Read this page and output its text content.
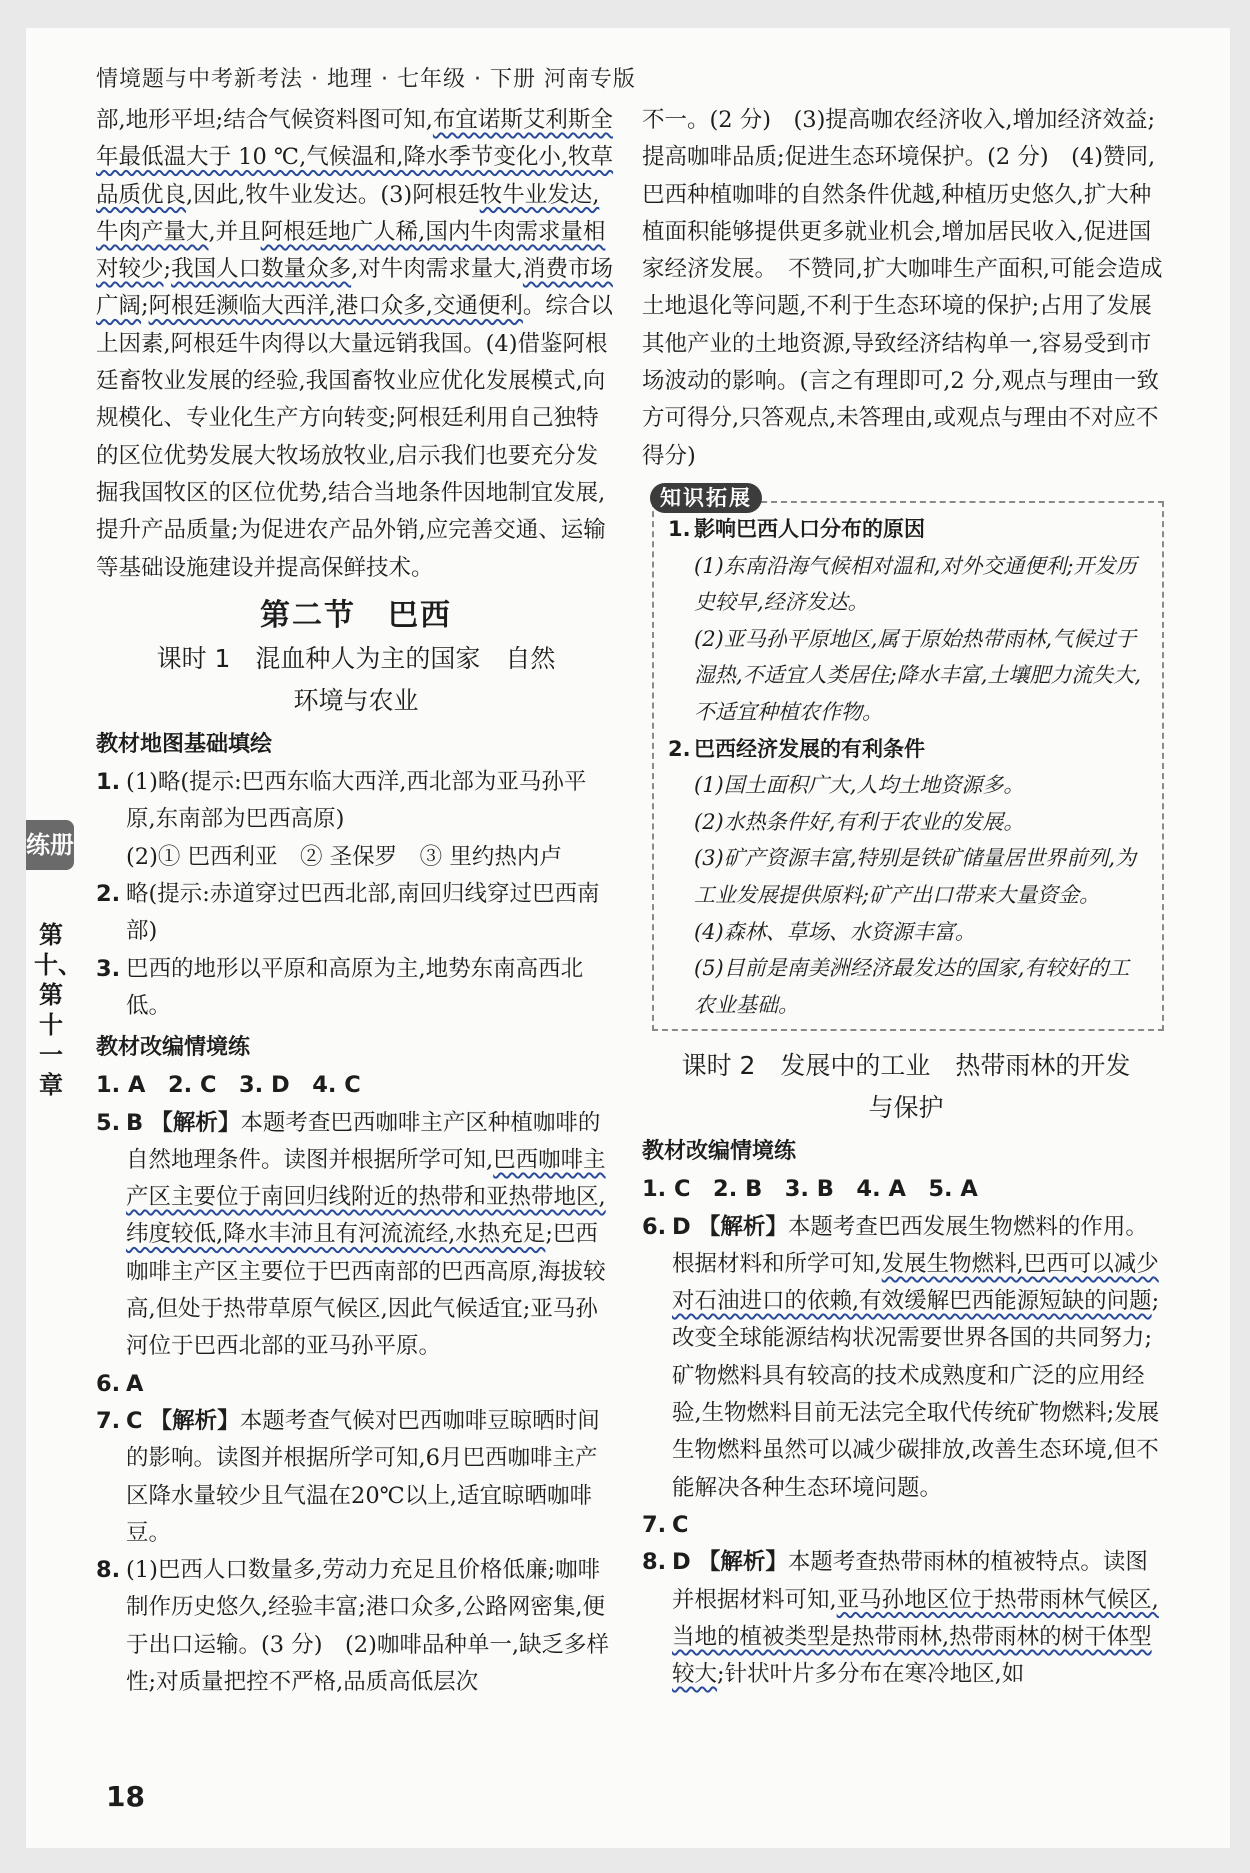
情境题与中考新考法 · 地理 · 七年级 · 下册 河南专版

部,地形平坦;结合气候资料图可知,布宜诺斯艾利斯全年最低温大于 10 ℃,气候温和,降水季节变化小,牧草品质优良,因此,牧牛业发达。(3)阿根廷牧牛业发达,牛肉产量大,并且阿根廷地广人稀,国内牛肉需求量相对较少;我国人口数量众多,对牛肉需求量大,消费市场广阔;阿根廷濒临大西洋,港口众多,交通便利。综合以上因素,阿根廷牛肉得以大量远销我国。(4)借鉴阿根廷畜牧业发展的经验,我国畜牧业应优化发展模式,向规模化、专业化生产方向转变;阿根廷利用自己独特的区位优势发展大牧场放牧业,启示我们也要充分发掘我国牧区的区位优势,结合当地条件因地制宜发展,提升产品质量;为促进农产品外销,应完善交通、运输等基础设施建设并提高保鲜技术。

第二节　巴西
课时 1　混血种人为主的国家　自然
环境与农业
教材地图基础填绘
1. (1)略(提示:巴西东临大西洋,西北部为亚马孙平原,东南部为巴西高原)
(2)① 巴西利亚　② 圣保罗　③ 里约热内卢
2. 略(提示:赤道穿过巴西北部,南回归线穿过巴西南部)
3. 巴西的地形以平原和高原为主,地势东南高西北低。
教材改编情境练
1. A　2. C　3. D　4. C
5. B 【解析】本题考查巴西咖啡主产区种植咖啡的自然地理条件。读图并根据所学可知,巴西咖啡主产区主要位于南回归线附近的热带和亚热带地区,纬度较低,降水丰沛且有河流流经,水热充足;巴西咖啡主产区主要位于巴西南部的巴西高原,海拔较高,但处于热带草原气候区,因此气候适宜;亚马孙河位于巴西北部的亚马孙平原。
6. A
7. C 【解析】本题考查气候对巴西咖啡豆晾晒时间的影响。读图并根据所学可知,6月巴西咖啡主产区降水量较少且气温在20℃以上,适宜晾晒咖啡豆。
8. (1)巴西人口数量多,劳动力充足且价格低廉;咖啡制作历史悠久,经验丰富;港口众多,公路网密集,便于出口运输。(3 分)　(2)咖啡品种单一,缺乏多样性;对质量把控不严格,品质高低层次

不一。(2 分)　(3)提高咖农经济收入,增加经济效益;提高咖啡品质;促进生态环境保护。(2 分)　(4)赞同,巴西种植咖啡的自然条件优越,种植历史悠久,扩大种植面积能够提供更多就业机会,增加居民收入,促进国家经济发展。　不赞同,扩大咖啡生产面积,可能会造成土地退化等问题,不利于生态环境的保护;占用了发展其他产业的土地资源,导致经济结构单一,容易受到市场波动的影响。(言之有理即可,2 分,观点与理由一致方可得分,只答观点,未答理由,或观点与理由不对应不得分)

知识拓展
1. 影响巴西人口分布的原因
(1)东南沿海气候相对温和,对外交通便利;开发历史较早,经济发达。
(2)亚马孙平原地区,属于原始热带雨林,气候过于湿热,不适宜人类居住;降水丰富,土壤肥力流失大,不适宜种植农作物。
2. 巴西经济发展的有利条件
(1)国土面积广大,人均土地资源多。
(2)水热条件好,有利于农业的发展。
(3)矿产资源丰富,特别是铁矿储量居世界前列,为工业发展提供原料;矿产出口带来大量资金。
(4)森林、草场、水资源丰富。
(5)目前是南美洲经济最发达的国家,有较好的工农业基础。
课时 2　发展中的工业　热带雨林的开发
与保护
教材改编情境练
1. C　2. B　3. B　4. A　5. A
6. D 【解析】本题考查巴西发展生物燃料的作用。根据材料和所学可知,发展生物燃料,巴西可以减少对石油进口的依赖,有效缓解巴西能源短缺的问题;改变全球能源结构状况需要世界各国的共同努力;矿物燃料具有较高的技术成熟度和广泛的应用经验,生物燃料目前无法完全取代传统矿物燃料;发展生物燃料虽然可以减少碳排放,改善生态环境,但不能解决各种生态环境问题。
7. C
8. D 【解析】本题考查热带雨林的植被特点。读图并根据材料可知,亚马孙地区位于热带雨林气候区,当地的植被类型是热带雨林,热带雨林的树干体型较大;针状叶片多分布在寒冷地区,如
练册
第十、第十一章
18
